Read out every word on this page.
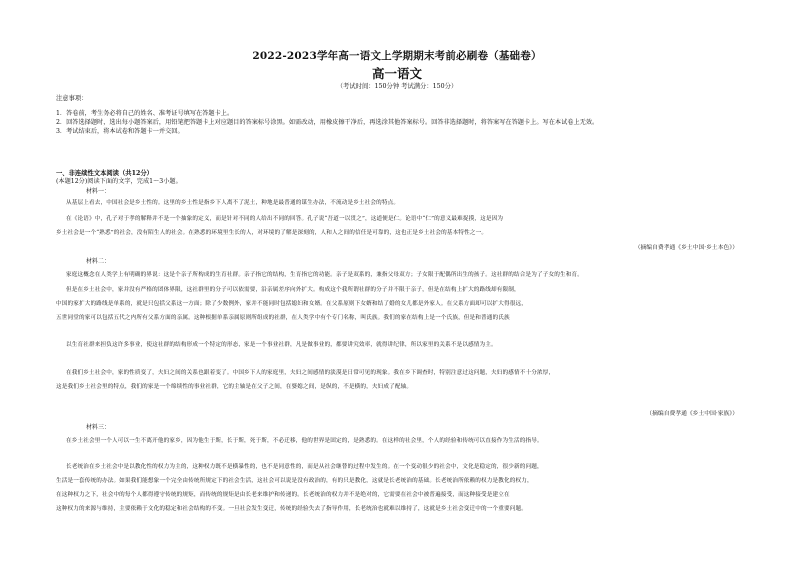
2022-2023学年高一语文上学期期末考前必刷卷（基础卷）
高一语文
（考试时间：150分钟 考试满分：150分）
注意事项：
1．答卷前，考生务必将自己的姓名、准考证号填写在答题卡上。
2．回答选择题时，选出每小题答案后，用铅笔把答题卡上对应题目的答案标号涂黑。如需改动，用橡皮擦干净后，再选涂其他答案标号。回答非选择题时，将答案写在答题卡上。写在本试卷上无效。
3．考试结束后，将本试卷和答题卡一并交回。
一、非连续性文本阅读（共12分）
(本题12分)阅读下面的文字，完成1～3小题。
材料一：
从基层上看去，中国社会是乡土性的。这里的乡土性是指乡下人离不了泥土，种地是最普通的谋生办法，不流动是乡土社会的特点。
在《论语》中，孔子对于孝的解释并不是一个抽象的定义，而是针对不同的人给出不同的回答。孔子说“吾道一以贯之”，这道便是仁。论语中“仁”的意义最难捉摸，这是因为
乡土社会是一个“熟悉”的社会，没有陌生人的社会。在熟悉的环境里生长的人，对环境的了解是深刻的，人和人之间的信任是可靠的，这也正是乡土社会的基本特性之一。
（摘编自费孝通《乡土中国·乡土本色》）
材料二：
家庭这概念在人类学上有明确的界说：这是个亲子所构成的生育社群。亲子指它的结构，生育指它的功能。亲子是双系的，兼指父母双方；子女限于配偶所出生的孩子。这社群的结合是为了子女的生和育。
但是在乡土社会中，家并没有严格的团体界限，这社群里的分子可以依需要，沿亲属差序向外扩大。构成这个我所谓社群的分子并不限于亲子，但是在结构上扩大的路线却有限制，
中国的家扩大的路线是单系的，就是只包括父系这一方面；除了少数例外，家并不能同时包括媳妇和女婿。在父系原则下女婿和结了婚的女儿都是外家人。在父系方面却可以扩大得很远，
五世同堂的家可以包括五代之内所有父系方面的亲属。这种根据单系亲属原则所组成的社群，在人类学中有个专门名称，叫氏族。我们的家在结构上是一个氏族，但是和普通的氏族
以生育社群来担负这许多事业，使这社群的结构形成一个特定的形态，家是一个事业社群，凡是做事业的，都要讲究效率，就得讲纪律，所以家里的关系不是以感情为主。
在我们乡土社会中，家的性质变了，夫妇之间的关系也跟着变了。中国乡下人的家庭里，夫妇之间感情的淡漠是日常可见的现象。我在乡下调查时，特别注意过这问题，夫妇的感情不十分浓厚，
这是我们乡土社会里的特点，我们的家是一个绵续性的事业社群，它的主轴是在父子之间，在婆媳之间，是纵的，不是横的，夫妇成了配轴。
（摘编自费孝通《乡土中国·家族》）
材料三：
在乡土社会里一个人可以一生不离开他的家乡，因为他生于斯，长于斯，死于斯，不必迁移，他的世界是固定的，是熟悉的。在这样的社会里，个人的经验和传统可以直接作为生活的指导。
长老统治在乡土社会中是以教化性的权力为主的，这种权力既不是横暴性的，也不是同意性的，而是从社会继替的过程中发生的。在一个变动很少的社会中，文化是稳定的，很少新的问题，
生活是一套传统的办法。如果我们能想象一个完全由传统所规定下的社会生活，这社会可以说是没有政治的，有的只是教化，这就是长老统治的基础。长老统治所依赖的权力是教化的权力，
在这种权力之下，社会中的每个人都得遵守传统的规矩，而传统的规矩是由长老来维护和传递的。长老统治的权力并不是绝对的，它需要在社会中被普遍接受，而这种接受是建立在
这种权力的来源与维持，主要依赖于文化的稳定和社会结构的不变。一旦社会发生变迁，传统的经验失去了指导作用，长老统治也就难以维持了，这就是乡土社会变迁中的一个重要问题。
